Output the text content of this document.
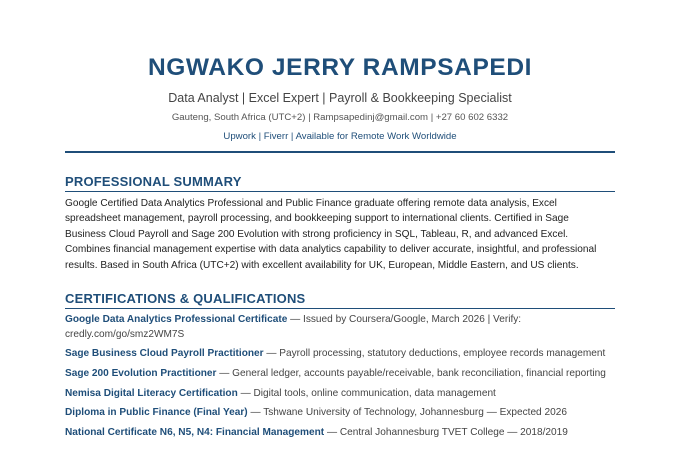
NGWAKO JERRY RAMPSAPEDI
Data Analyst | Excel Expert | Payroll & Bookkeeping Specialist
Gauteng, South Africa (UTC+2) | Rampsapedinj@gmail.com | +27 60 602 6332
Upwork | Fiverr | Available for Remote Work Worldwide
PROFESSIONAL SUMMARY
Google Certified Data Analytics Professional and Public Finance graduate offering remote data analysis, Excel
spreadsheet management, payroll processing, and bookkeeping support to international clients. Certified in Sage
Business Cloud Payroll and Sage 200 Evolution with strong proficiency in SQL, Tableau, R, and advanced Excel.
Combines financial management expertise with data analytics capability to deliver accurate, insightful, and professional
results. Based in South Africa (UTC+2) with excellent availability for UK, European, Middle Eastern, and US clients.
CERTIFICATIONS & QUALIFICATIONS
Google Data Analytics Professional Certificate — Issued by Coursera/Google, March 2026 | Verify:
credly.com/go/smz2WM7S
Sage Business Cloud Payroll Practitioner — Payroll processing, statutory deductions, employee records management
Sage 200 Evolution Practitioner — General ledger, accounts payable/receivable, bank reconciliation, financial reporting
Nemisa Digital Literacy Certification — Digital tools, online communication, data management
Diploma in Public Finance (Final Year) — Tshwane University of Technology, Johannesburg — Expected 2026
National Certificate N6, N5, N4: Financial Management — Central Johannesburg TVET College — 2018/2019
